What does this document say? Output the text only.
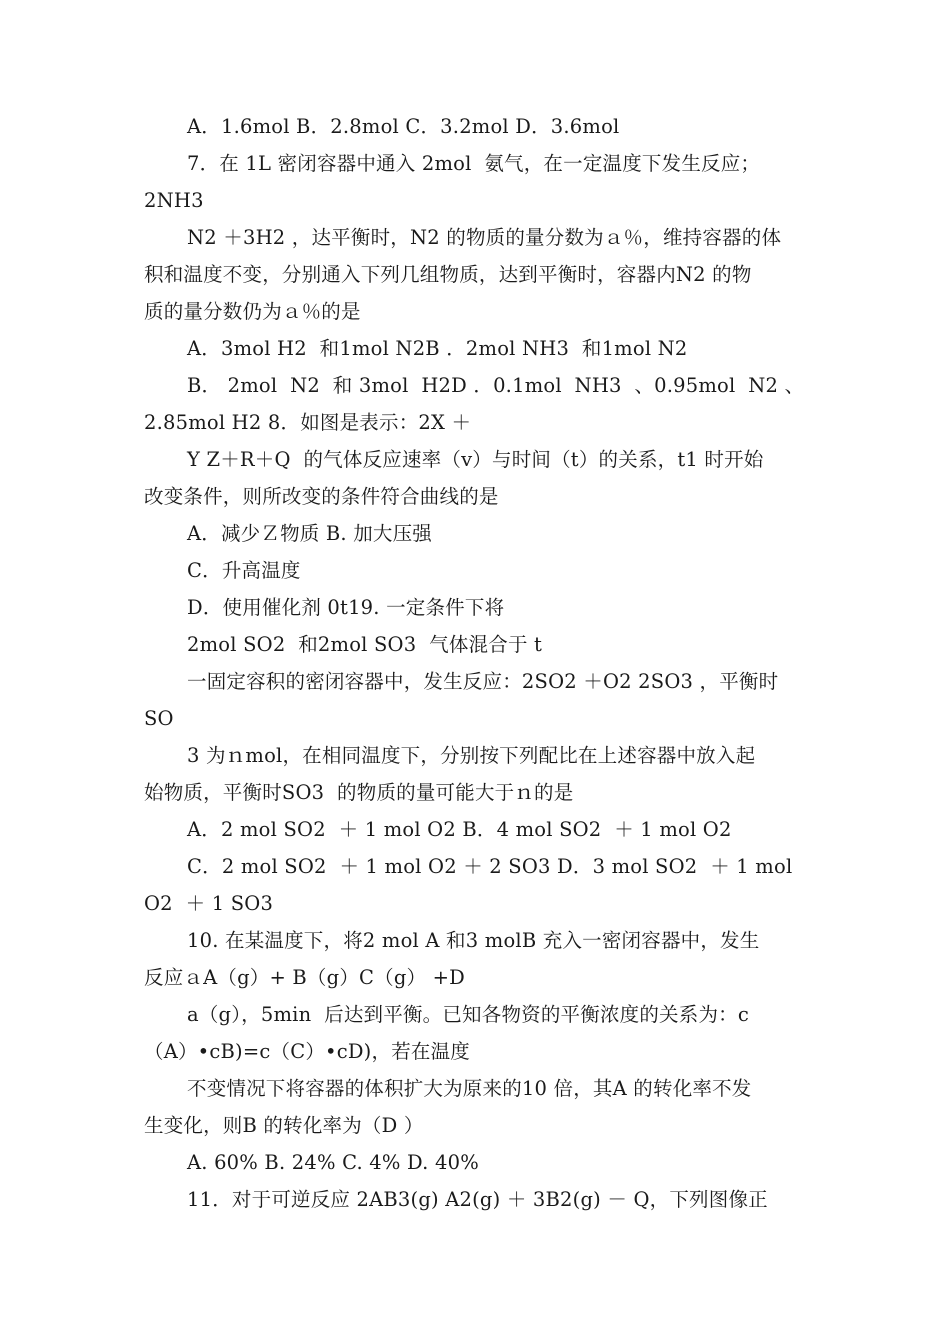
A．1.6mol B．2.8mol C．3.2mol D．3.6mol
7．在 1L 密闭容器中通入 2mol  氨气，在一定温度下发生反应；
2NH3
N2 ＋3H2 ，达平衡时，N2 的物质的量分数为ａ％，维持容器的体
积和温度不变，分别通入下列几组物质，达到平衡时，容器内N2 的物
质的量分数仍为ａ％的是
A．3mol H2  和1mol N2B ．2mol NH3  和1mol N2
B． 2mol  N2  和 3mol  H2D ．0.1mol  NH3  、0.95mol  N2 、
2.85mol H2 8．如图是表示：2X ＋
Y Z＋R＋Q  的气体反应速率（v）与时间（t）的关系，t1 时开始
改变条件，则所改变的条件符合曲线的是
A．减少Ｚ物质 B. 加大压强
C．升高温度
D．使用催化剂 0t19. 一定条件下将
2mol SO2  和2mol SO3  气体混合于 t
一固定容积的密闭容器中，发生反应：2SO2 ＋O2 2SO3 ，平衡时
SO
3 为ｎmol，在相同温度下，分别按下列配比在上述容器中放入起
始物质，平衡时SO3  的物质的量可能大于ｎ的是
A．2 mol SO2  ＋ 1 mol O2 B．4 mol SO2  ＋ 1 mol O2
C．2 mol SO2  ＋ 1 mol O2 ＋ 2 SO3 D．3 mol SO2  ＋ 1 mol
O2  ＋ 1 SO3
10. 在某温度下，将2 mol A 和3 molB 充入一密闭容器中，发生
反应ａA（g）+ B（g）C（g） +D
a（g），5min  后达到平衡。已知各物资的平衡浓度的关系为：c
（A）•cB)=c（C）•cD)，若在温度
不变情况下将容器的体积扩大为原来的10 倍，其A 的转化率不发
生变化，则B 的转化率为（D ）
A. 60% B. 24% C. 4% D. 40%
11．对于可逆反应 2AB3(g) A2(g) ＋ 3B2(g) － Q，下列图像正
